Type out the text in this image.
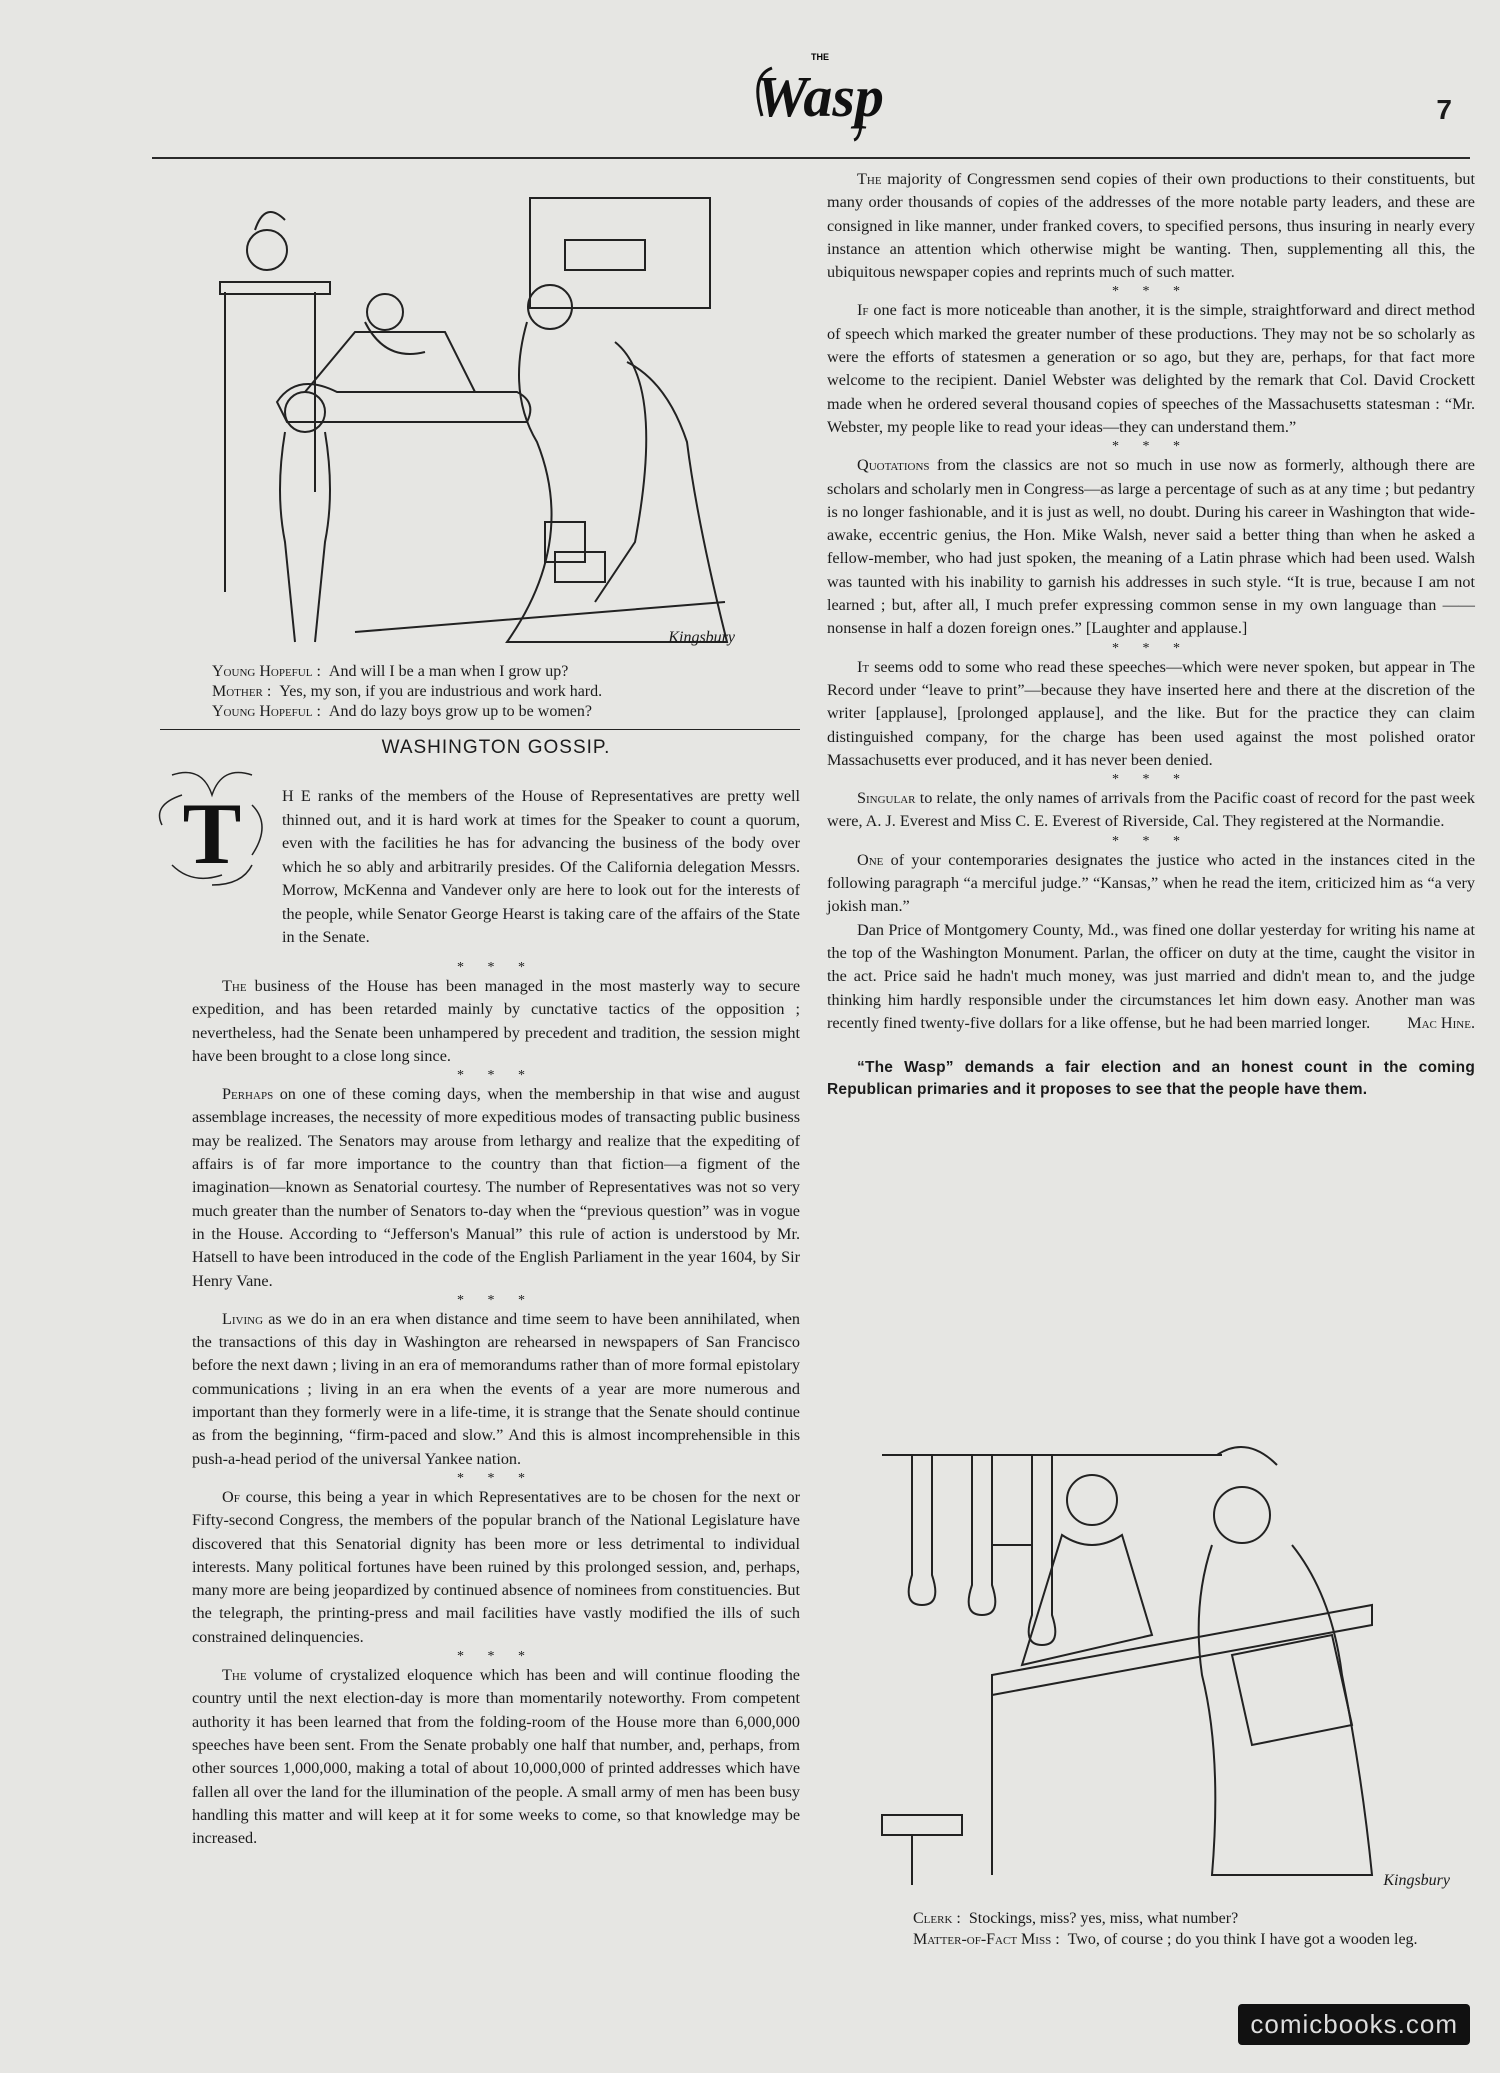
THE
Wasp	7
Kingsbury
Young Hopeful :  And will I be a man when I grow up?
Mother :  Yes, my son, if you are industrious and work hard.
Young Hopeful :  And do lazy boys grow up to be women?
WASHINGTON GOSSIP.
T	H E ranks of the members of the House of Representatives are pretty well thinned out, and it is hard work at times for the Speaker to count a quorum, even with the facilities he has for advancing the business of the body over which he so ably and arbitrarily presides. Of the California delegation Messrs. Morrow, McKenna and Vandever only are here to look out for the interests of the people, while Senator George Hearst is taking care of the affairs of the State in the Senate.
* * *

The business of the House has been managed in the most masterly way to secure expedition, and has been retarded mainly by cunctative tactics of the opposition ; nevertheless, had the Senate been unhampered by precedent and tradition, the session might have been brought to a close long since.

* * *

Perhaps on one of these coming days, when the membership in that wise and august assemblage increases, the necessity of more expeditious modes of transacting public business may be realized. The Senators may arouse from lethargy and realize that the expediting of affairs is of far more importance to the country than that fiction—a figment of the imagination—known as Senatorial courtesy. The number of Representatives was not so very much greater than the number of Senators to-day when the “previous question” was in vogue in the House. According to “Jefferson's Manual” this rule of action is understood by Mr. Hatsell to have been introduced in the code of the English Parliament in the year 1604, by Sir Henry Vane.

* * *

Living as we do in an era when distance and time seem to have been annihilated, when the transactions of this day in Washington are rehearsed in newspapers of San Francisco before the next dawn ; living in an era of memorandums rather than of more formal epistolary communications ; living in an era when the events of a year are more numerous and important than they formerly were in a life-time, it is strange that the Senate should continue as from the beginning, “firm-paced and slow.” And this is almost incomprehensible in this push-a-head period of the universal Yankee nation.

* * *

Of course, this being a year in which Representatives are to be chosen for the next or Fifty-second Congress, the members of the popular branch of the National Legislature have discovered that this Senatorial dignity has been more or less detrimental to individual interests. Many political fortunes have been ruined by this prolonged session, and, perhaps, many more are being jeopardized by continued absence of nominees from constituencies. But the telegraph, the printing-press and mail facilities have vastly modified the ills of such constrained delinquencies.

* * *

The volume of crystalized eloquence which has been and will continue flooding the country until the next election-day is more than momentarily noteworthy. From competent authority it has been learned that from the folding-room of the House more than 6,000,000 speeches have been sent. From the Senate probably one half that number, and, perhaps, from other sources 1,000,000, making a total of about 10,000,000 of printed addresses which have fallen all over the land for the illumination of the people. A small army of men has been busy handling this matter and will keep at it for some weeks to come, so that knowledge may be increased.

The majority of Congressmen send copies of their own productions to their constituents, but many order thousands of copies of the addresses of the more notable party leaders, and these are consigned in like manner, under franked covers, to specified persons, thus insuring in nearly every instance an attention which otherwise might be wanting. Then, supplementing all this, the ubiquitous newspaper copies and reprints much of such matter.

* * *

If one fact is more noticeable than another, it is the simple, straightforward and direct method of speech which marked the greater number of these productions. They may not be so scholarly as were the efforts of statesmen a generation or so ago, but they are, perhaps, for that fact more welcome to the recipient. Daniel Webster was delighted by the remark that Col. David Crockett made when he ordered several thousand copies of speeches of the Massachusetts statesman : “Mr. Webster, my people like to read your ideas—they can understand them.”

* * *

Quotations from the classics are not so much in use now as formerly, although there are scholars and scholarly men in Congress—as large a percentage of such as at any time ; but pedantry is no longer fashionable, and it is just as well, no doubt. During his career in Washington that wide-awake, eccentric genius, the Hon. Mike Walsh, never said a better thing than when he asked a fellow-member, who had just spoken, the meaning of a Latin phrase which had been used. Walsh was taunted with his inability to garnish his addresses in such style. “It is true, because I am not learned ; but, after all, I much prefer expressing common sense in my own language than —— nonsense in half a dozen foreign ones.” [Laughter and applause.]

* * *

It seems odd to some who read these speeches—which were never spoken, but appear in The Record under “leave to print”—because they have inserted here and there at the discretion of the writer [applause], [prolonged applause], and the like. But for the practice they can claim distinguished company, for the charge has been used against the most polished orator Massachusetts ever produced, and it has never been denied.

* * *

Singular to relate, the only names of arrivals from the Pacific coast of record for the past week were, A. J. Everest and Miss C. E. Everest of Riverside, Cal. They registered at the Normandie.

* * *

One of your contemporaries designates the justice who acted in the instances cited in the following paragraph “a merciful judge.” “Kansas,” when he read the item, criticized him as “a very jokish man.”

Dan Price of Montgomery County, Md., was fined one dollar yesterday for writing his name at the top of the Washington Monument. Parlan, the officer on duty at the time, caught the visitor in the act. Price said he hadn't much money, was just married and didn't mean to, and the judge thinking him hardly responsible under the circumstances let him down easy. Another man was recently fined twenty-five dollars for a like offense, but he had been married longer.	Mac Hine.

“The Wasp” demands a fair election and an honest count in the coming Republican primaries and it proposes to see that the people have them.
Kingsbury
Clerk :  Stockings, miss? yes, miss, what number?
Matter-of-Fact Miss :  Two, of course ; do you think I have got a wooden leg.
comicbooks.com
